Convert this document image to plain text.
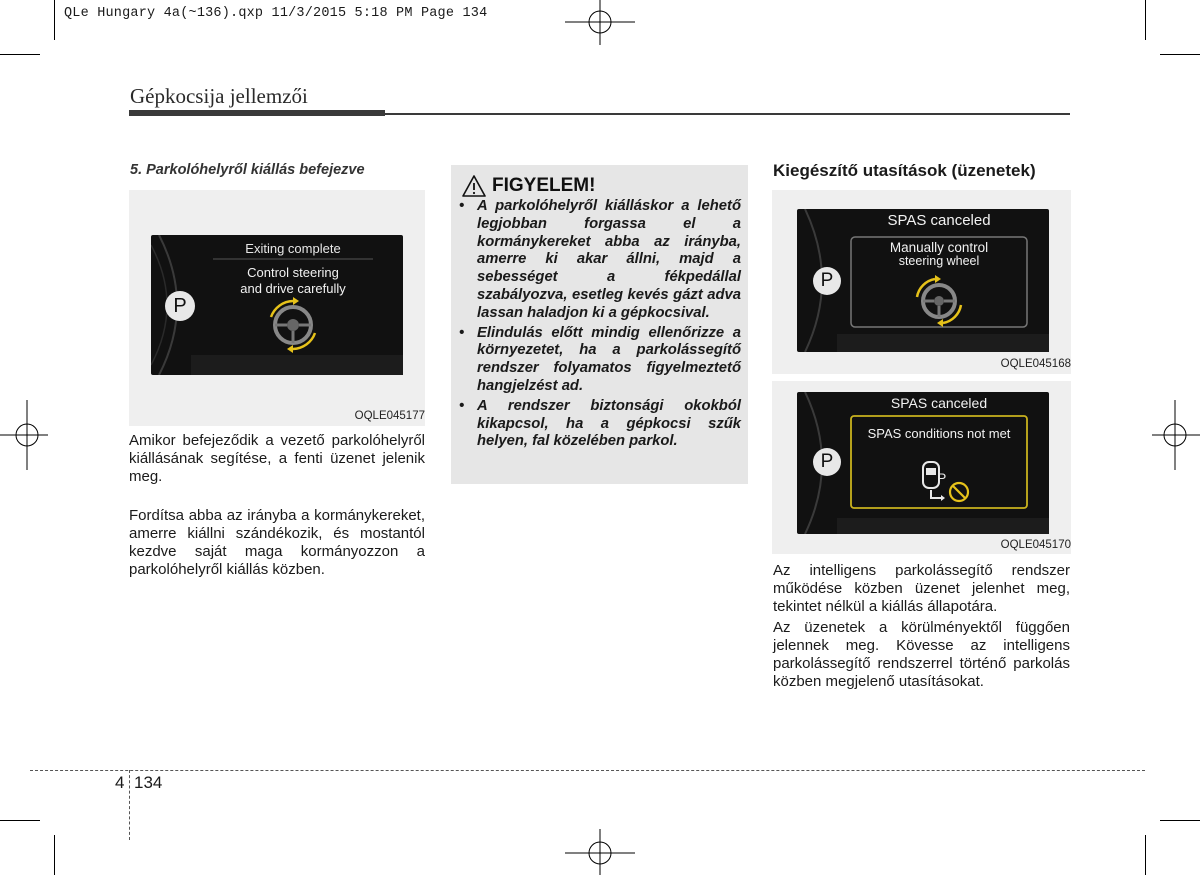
QLe Hungary 4a(~136).qxp 11/3/2015 5:18 PM Page 134
Gépkocsija jellemzői
5. Parkolóhelyről kiállás befejezve
Exiting complete
Control steering
and drive carefully
P
OQLE045177

Amikor befejeződik a vezető parkolóhelyről kiállásának segítése, a fenti üzenet jelenik meg.

Fordítsa abba az irányba a kormánykereket, amerre kiállni szándékozik, és mostantól kezdve saját maga kormányozzon a parkolóhelyről kiállás közben.

FIGYELEM!
• A parkolóhelyről kiálláskor a lehető legjobban forgassa el a kormánykereket abba az irányba, amerre ki akar állni, majd a sebességet a fékpedállal szabályozva, esetleg kevés gázt adva lassan haladjon ki a gépkocsival.
• Elindulás előtt mindig ellenőrizze a környezetet, ha a parkolássegítő rendszer folyamatos figyelmeztető hangjelzést ad.
• A rendszer biztonsági okokból kikapcsol, ha a gépkocsi szűk helyen, fal közelében parkol.
Kiegészítő utasítások (üzenetek)
SPAS canceled
Manually control
steering wheel
P
OQLE045168
SPAS canceled
SPAS conditions not met
P
P
OQLE045170

Az intelligens parkolássegítő rendszer működése közben üzenet jelenhet meg, tekintet nélkül a kiállás állapotára.

Az üzenetek a körülményektől függően jelennek meg. Kövesse az intelligens parkolássegítő rendszerrel történő parkolás közben megjelenő utasításokat.

4 134
